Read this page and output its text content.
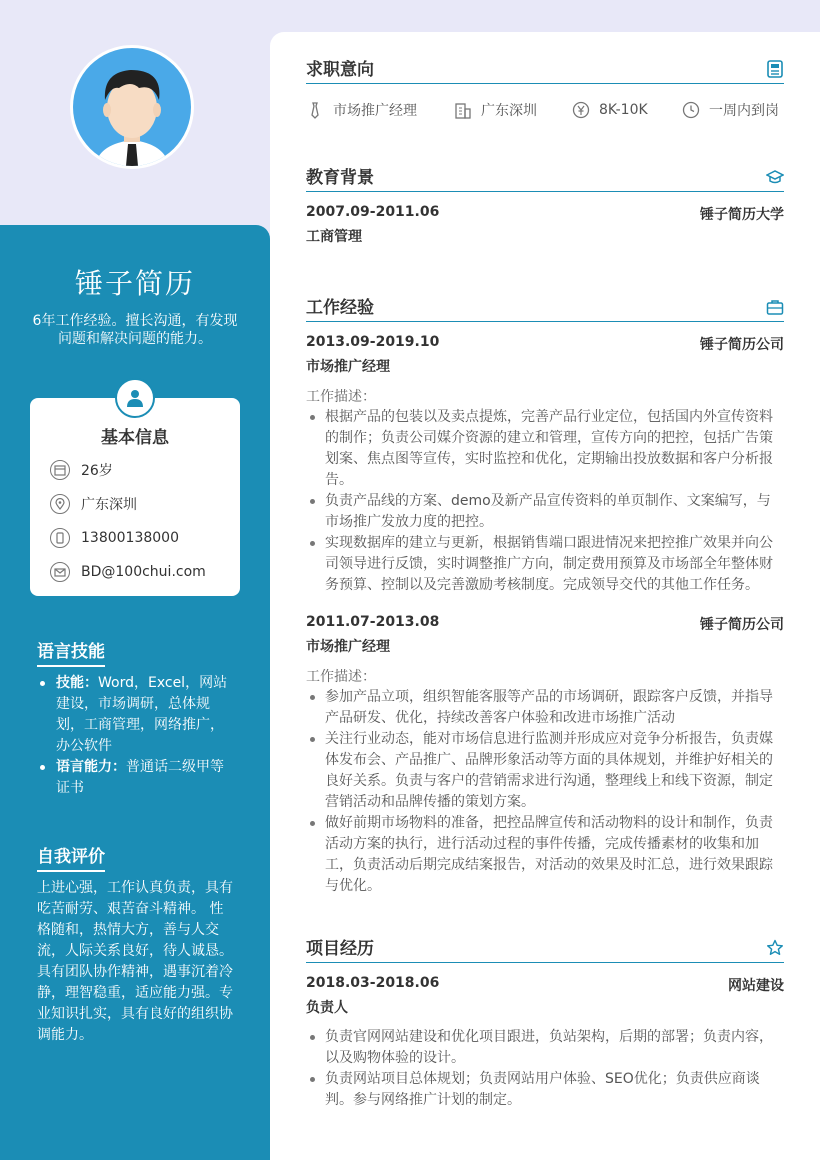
锤子简历
6年工作经验。擅长沟通，有发现问题和解决问题的能力。
基本信息
26岁
广东深圳
13800138000
BD@100chui.com
语言技能
技能：Word，Excel，网站建设，市场调研，总体规划，工商管理，网络推广，办公软件
语言能力：普通话二级甲等证书
自我评价
上进心强，工作认真负责，具有吃苦耐劳、艰苦奋斗精神。 性格随和，热情大方，善与人交流，人际关系良好，待人诚恳。具有团队协作精神，遇事沉着冷静，理智稳重，适应能力强。专业知识扎实，具有良好的组织协调能力。
求职意向
市场推广经理	广东深圳	8K-10K	一周内到岗
教育背景
2007.09-2011.06	锤子简历大学
工商管理
工作经验
2013.09-2019.10	锤子简历公司
市场推广经理
工作描述：
根据产品的包装以及卖点提炼，完善产品行业定位，包括国内外宣传资料的制作；负责公司媒介资源的建立和管理，宣传方向的把控，包括广告策划案、焦点图等宣传，实时监控和优化，定期输出投放数据和客户分析报告。
负责产品线的方案、demo及新产品宣传资料的单页制作、文案编写，与市场推广发放力度的把控。
实现数据库的建立与更新，根据销售端口跟进情况来把控推广效果并向公司领导进行反馈，实时调整推广方向，制定费用预算及市场部全年整体财务预算、控制以及完善激励考核制度。完成领导交代的其他工作任务。
2011.07-2013.08	锤子简历公司
市场推广经理
工作描述：
参加产品立项，组织智能客服等产品的市场调研，跟踪客户反馈，并指导产品研发、优化，持续改善客户体验和改进市场推广活动
关注行业动态，能对市场信息进行监测并形成应对竞争分析报告，负责媒体发布会、产品推广、品牌形象活动等方面的具体规划，并维护好相关的良好关系。负责与客户的营销需求进行沟通，整理线上和线下资源，制定营销活动和品牌传播的策划方案。
做好前期市场物料的准备，把控品牌宣传和活动物料的设计和制作，负责活动方案的执行，进行活动过程的事件传播，完成传播素材的收集和加工，负责活动后期完成结案报告，对活动的效果及时汇总，进行效果跟踪与优化。
项目经历
2018.03-2018.06	网站建设
负责人
负责官网网站建设和优化项目跟进，负站架构，后期的部署；负责内容，以及购物体验的设计。
负责网站项目总体规划；负责网站用户体验、SEO优化；负责供应商谈判。参与网络推广计划的制定。
